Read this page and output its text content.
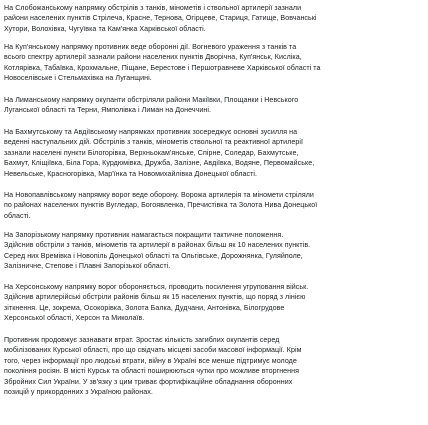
На Слобожанському напрямку обстрілів з танків, мінометів і ствольної артилерії зазнали
райони населених пунктів Стрілеча, Красне, Тернова, Огірцеве, Стариця, Гатище, Вовчанські
Хутори, Волохівка, Чугуївка та Кам'янка Харківської області.

На Куп'янському напрямку противник веде оборонні дії. Вогневого ураження з танків та
всього спектру артилерії зазнали райони населених пунктів Дворічна, Куп'янськ, Кисліка,
Котлярівка, Табаївка, Крохмальне, Піщане, Берестове і Першотравневе Харківської області та
Новоселівське і Стельмахівка на Луганщині.

На Лиманському напрямку окупанти обстріляли райони Макіївки, Площанки і Невського
Луганської області та Терни, Ямполівка і Лиман на Донеччині.

На Бахмутському та Авдіївському напрямках противник зосереджує основні зусилля на
веденні наступальних дій. Обстрілів з танків, мінометів ствольної та реактивної артилерії
зазнали населені пункти Білогорівка, Верхньокам'янське, Спірне, Соледар, Бахмутське,
Бахмут, Кліщіївка, Біла Гора, Курдюмівка, Дружба, Залізне, Авдіївка, Водяне, Первомайське,
Невельське, Красногорівка, Мар'їнка та Новомихайлівка Донецької області.

На Новопавлівському напрямку ворог веде оборону. Ворожа артилерія та міномети стріляли
по районах населених пунктів Вугледар, Богоявленка, Пречистівка та Золота Нива Донецької
області.

На Запорізькому напрямку противник намагається покращити тактичне положення.
Здійснив обстріли з танків, мінометів та артилерії в районах більш як 10 населених пунктів.
Серед них Времівка і Новопіль Донецької області та Ольгівське, Дорожнянка, Гуляйполе,
Залізничне, Степове і Плавні Запорізької області.

На Херсонському напрямку ворог обороняється, проводить посилення угруповання військ.
Здійснив артилерійські обстріли районів більш як 15 населених пунктів, що поряд з лінією
зіткнення. Це, зокрема, Осокорівка, Золота Балка, Дудчани, Антонівка, Білогрудове
Херсонської області, Херсон та Миколаїв.

Противник продовжує зазнавати втрат. Зростає кількість загиблих окупантів серед
мобілізованих Курської області, про що свідчать місцеві засоби масової інформації. Крім
того, через інформації про людські втрати, війну в Україні все менше підтримує молоде
покоління росіян. В місті Курськ та області поширюються чутки про можливе вторгнення
Збройних Сил України. У зв'язку з цим триває фортифікаційне обладнання оборонних
позицій у прикордонних з Україною районах.
